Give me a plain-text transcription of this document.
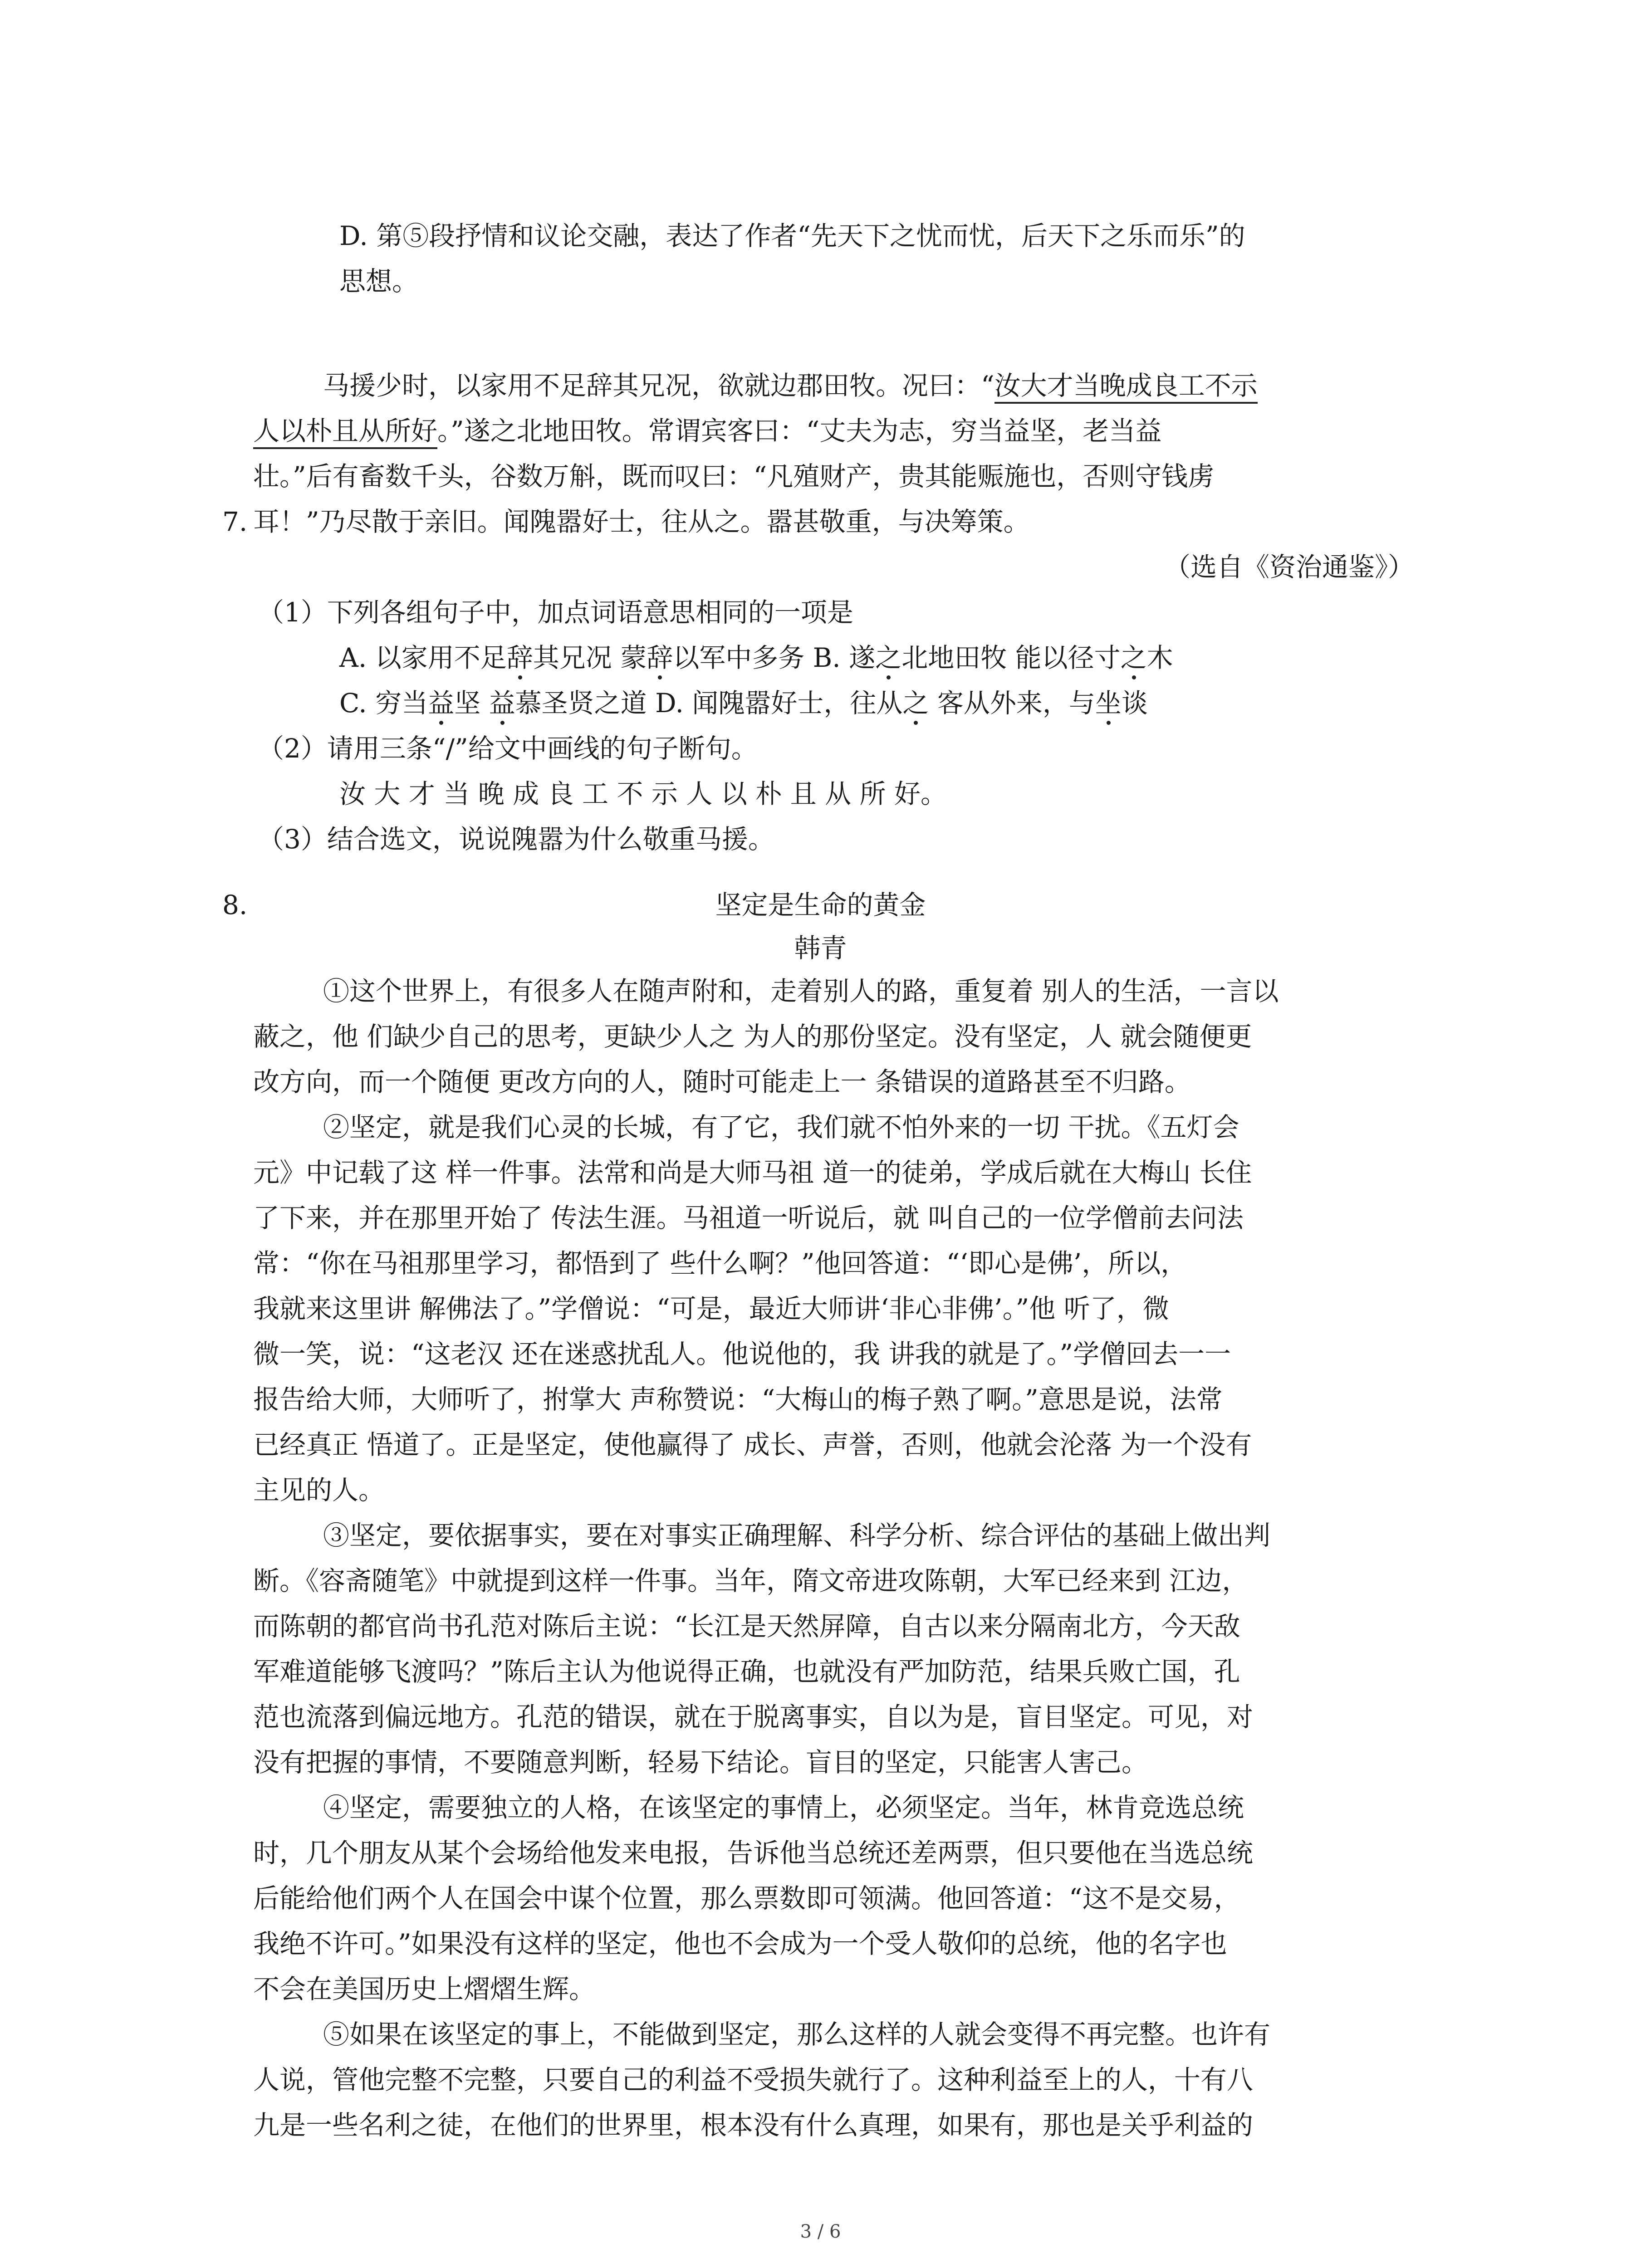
D. 第⑤段抒情和议论交融，表达了作者“先天下之忧而忧，后天下之乐而乐”的
思想。
马援少时，以家用不足辞其兄况，欲就边郡田牧。况曰：“汝大才当晚成良工不示
人以朴且从所好。”遂之北地田牧。常谓宾客曰：“丈夫为志，穷当益坚，老当益
壮。”后有畜数千头，谷数万斛，既而叹曰：“凡殖财产，贵其能赈施也，否则守钱虏
7. 耳！”乃尽散于亲旧。闻隗嚣好士，往从之。嚣甚敬重，与决筹策。
（选自《资治通鉴》）
（1）下列各组句子中，加点词语意思相同的一项是
A. 以家用不足辞其兄况 蒙辞以军中多务 B. 遂之北地田牧 能以径寸之木
C. 穷当益坚 益慕圣贤之道 D. 闻隗嚣好士，往从之 客从外来，与坐谈
（2）请用三条“/”给文中画线的句子断句。
汝 大 才 当 晚 成 良 工 不 示 人 以 朴 且 从 所 好。
（3）结合选文，说说隗嚣为什么敬重马援。
8.	坚定是生命的黄金
韩青
①这个世界上，有很多人在随声附和，走着别人的路，重复着 别人的生活，一言以
蔽之，他 们缺少自己的思考，更缺少人之 为人的那份坚定。没有坚定，人 就会随便更
改方向，而一个随便 更改方向的人，随时可能走上一 条错误的道路甚至不归路。
②坚定，就是我们心灵的长城，有了它，我们就不怕外来的一切 干扰。《五灯会
元》中记载了这 样一件事。法常和尚是大师马祖 道一的徒弟，学成后就在大梅山 长住
了下来，并在那里开始了 传法生涯。马祖道一听说后，就 叫自己的一位学僧前去问法
常：“你在马祖那里学习，都悟到了 些什么啊？”他回答道：“‘即心是佛’，所以，
我就来这里讲 解佛法了。”学僧说：“可是，最近大师讲‘非心非佛’。”他 听了，微
微一笑，说：“这老汉 还在迷惑扰乱人。他说他的，我 讲我的就是了。”学僧回去一一
报告给大师，大师听了，拊掌大 声称赞说：“大梅山的梅子熟了啊。”意思是说，法常
已经真正 悟道了。正是坚定，使他赢得了 成长、声誉，否则，他就会沦落 为一个没有
主见的人。
③坚定，要依据事实，要在对事实正确理解、科学分析、综合评估的基础上做出判
断。《容斋随笔》中就提到这样一件事。当年，隋文帝进攻陈朝，大军已经来到 江边，
而陈朝的都官尚书孔范对陈后主说：“长江是天然屏障，自古以来分隔南北方，今天敌
军难道能够飞渡吗？”陈后主认为他说得正确，也就没有严加防范，结果兵败亡国，孔
范也流落到偏远地方。孔范的错误，就在于脱离事实，自以为是，盲目坚定。可见，对
没有把握的事情，不要随意判断，轻易下结论。盲目的坚定，只能害人害己。
④坚定，需要独立的人格，在该坚定的事情上，必须坚定。当年，林肯竞选总统
时，几个朋友从某个会场给他发来电报，告诉他当总统还差两票，但只要他在当选总统
后能给他们两个人在国会中谋个位置，那么票数即可领满。他回答道：“这不是交易，
我绝不许可。”如果没有这样的坚定，他也不会成为一个受人敬仰的总统，他的名字也
不会在美国历史上熠熠生辉。
⑤如果在该坚定的事上，不能做到坚定，那么这样的人就会变得不再完整。也许有
人说，管他完整不完整，只要自己的利益不受损失就行了。这种利益至上的人，十有八
九是一些名利之徒，在他们的世界里，根本没有什么真理，如果有，那也是关乎利益的
3 / 6
